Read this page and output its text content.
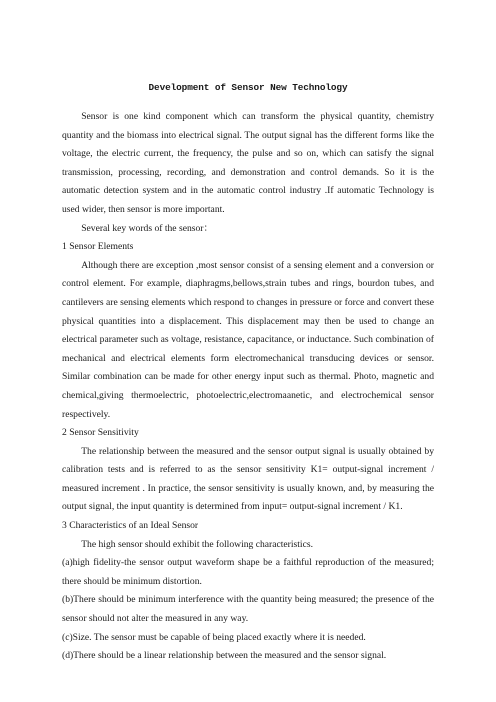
Development of Sensor New Technology

Sensor is one kind component which can transform the physical quantity, chemistry quantity and the biomass into electrical signal. The output signal has the different forms like the voltage, the electric current, the frequency, the pulse and so on, which can satisfy the signal transmission, processing, recording, and demonstration and control demands. So it is the automatic detection system and in the automatic control industry .If automatic Technology is used wider, then sensor is more important.

Several key words of the sensor：

1 Sensor Elements

Although there are exception ,most sensor consist of a sensing element and a conversion or control element. For example, diaphragms,bellows,strain tubes and rings, bourdon tubes, and cantilevers are sensing elements which respond to changes in pressure or force and convert these physical quantities into a displacement. This displacement may then be used to change an electrical parameter such as voltage, resistance, capacitance, or inductance. Such combination of mechanical and electrical elements form electromechanical transducing devices or sensor. Similar combination can be made for other energy input such as thermal. Photo, magnetic and chemical,giving thermoelectric, photoelectric,electromaanetic, and electrochemical sensor respectively.

2 Sensor Sensitivity

The relationship between the measured and the sensor output signal is usually obtained by calibration tests and is referred to as the sensor sensitivity K1= output-signal increment / measured increment . In practice, the sensor sensitivity is usually known, and, by measuring the output signal, the input quantity is determined from input= output-signal increment / K1.

3 Characteristics of an Ideal Sensor

The high sensor should exhibit the following characteristics.

(a)high fidelity-the sensor output waveform shape be a faithful reproduction of the measured; there should be minimum distortion.

(b)There should be minimum interference with the quantity being measured; the presence of the sensor should not alter the measured in any way.

(c)Size. The sensor must be capable of being placed exactly where it is needed.

(d)There should be a linear relationship between the measured and the sensor signal.
